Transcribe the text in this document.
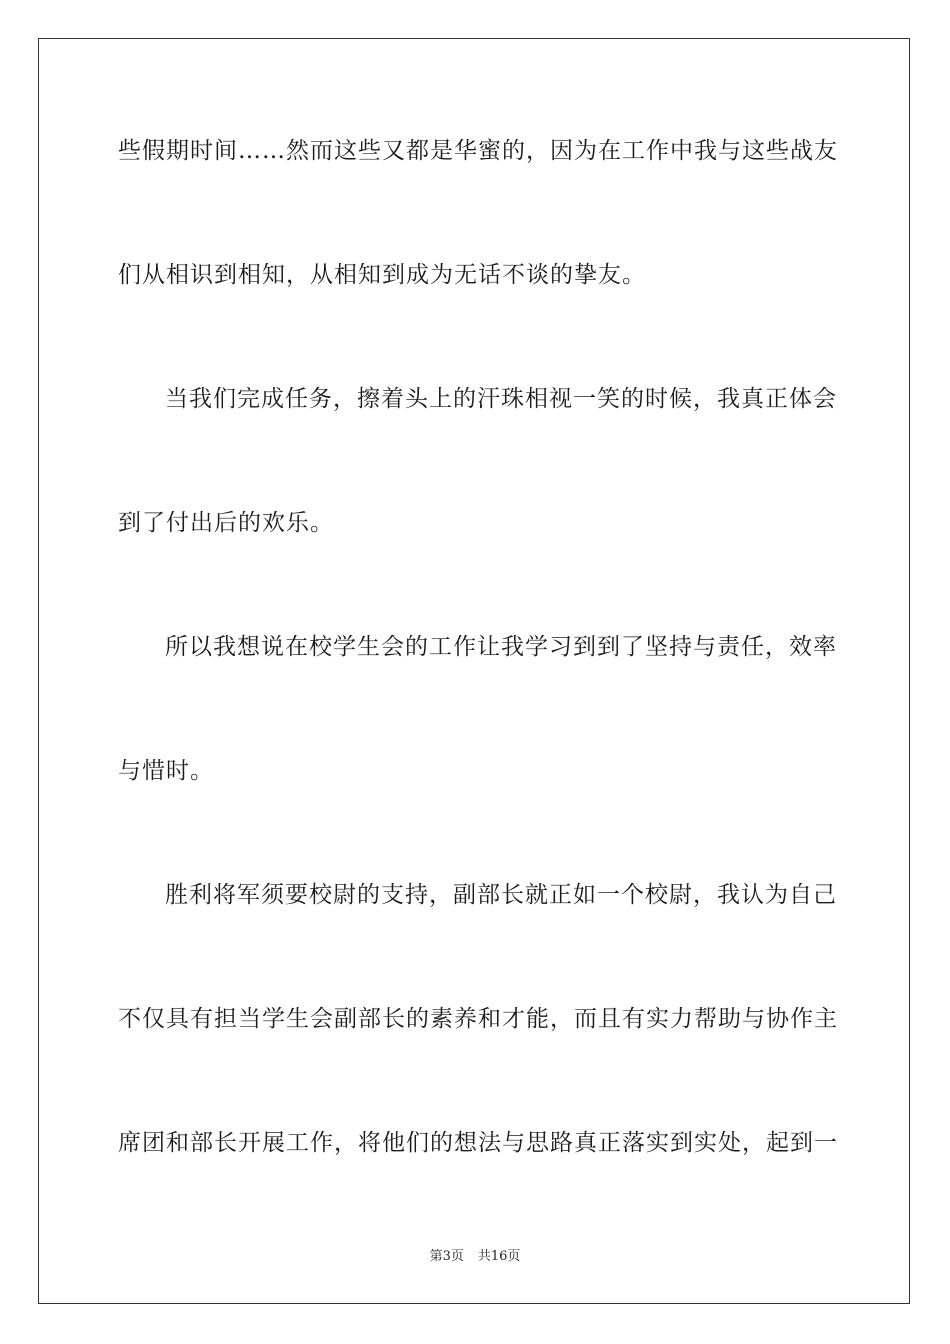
些假期时间……然而这些又都是华蜜的，因为在工作中我与这些战友
们从相识到相知，从相知到成为无话不谈的挚友。
当我们完成任务，擦着头上的汗珠相视一笑的时候，我真正体会
到了付出后的欢乐。
所以我想说在校学生会的工作让我学习到到了坚持与责任，效率
与惜时。
胜利将军须要校尉的支持，副部长就正如一个校尉，我认为自己
不仅具有担当学生会副部长的素养和才能，而且有实力帮助与协作主
席团和部长开展工作，将他们的想法与思路真正落实到实处，起到一
第3页 共16页
